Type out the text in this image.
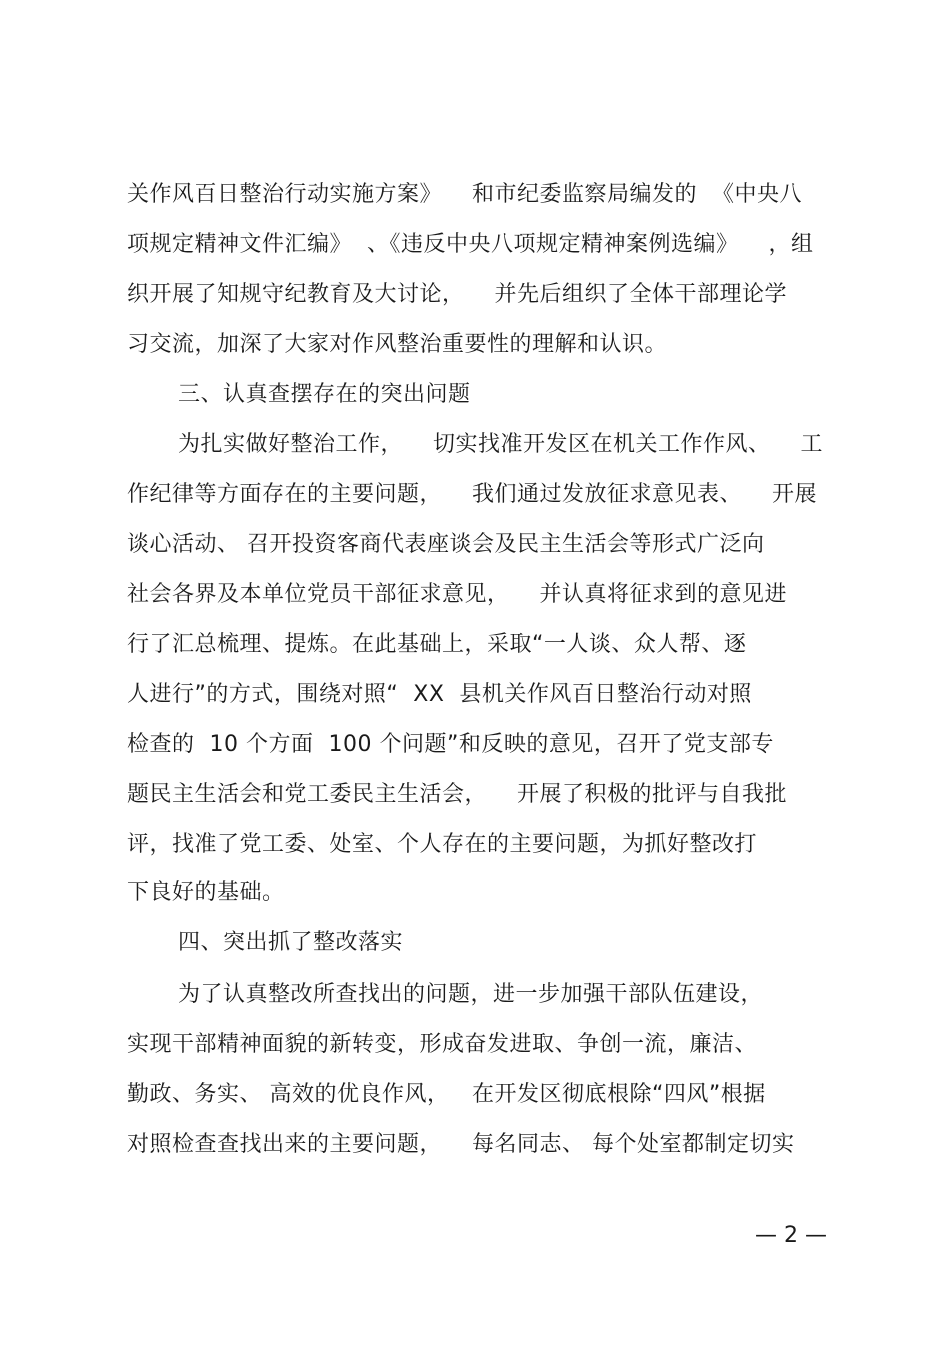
关作风百日整治行动实施方案》    和市纪委监察局编发的  《中央八
项规定精神文件汇编》  、《违反中央八项规定精神案例选编》    ，组
织开展了知规守纪教育及大讨论，    并先后组织了全体干部理论学
习交流，加深了大家对作风整治重要性的理解和认识。
三、认真查摆存在的突出问题
为扎实做好整治工作，    切实找准开发区在机关工作作风、    工
作纪律等方面存在的主要问题，    我们通过发放征求意见表、    开展
谈心活动、 召开投资客商代表座谈会及民主生活会等形式广泛向
社会各界及本单位党员干部征求意见，    并认真将征求到的意见进
行了汇总梳理、提炼。在此基础上，采取“一人谈、众人帮、逐
人进行”的方式，围绕对照“  XX  县机关作风百日整治行动对照
检查的  10 个方面  100 个问题”和反映的意见，召开了党支部专
题民主生活会和党工委民主生活会，    开展了积极的批评与自我批
评，找准了党工委、处室、个人存在的主要问题，为抓好整改打
下良好的基础。
四、突出抓了整改落实
为了认真整改所查找出的问题，进一步加强干部队伍建设，
实现干部精神面貌的新转变，形成奋发进取、争创一流，廉洁、
勤政、务实、 高效的优良作风，   在开发区彻底根除“四风”根据
对照检查查找出来的主要问题，    每名同志、 每个处室都制定切实
— 2 —
